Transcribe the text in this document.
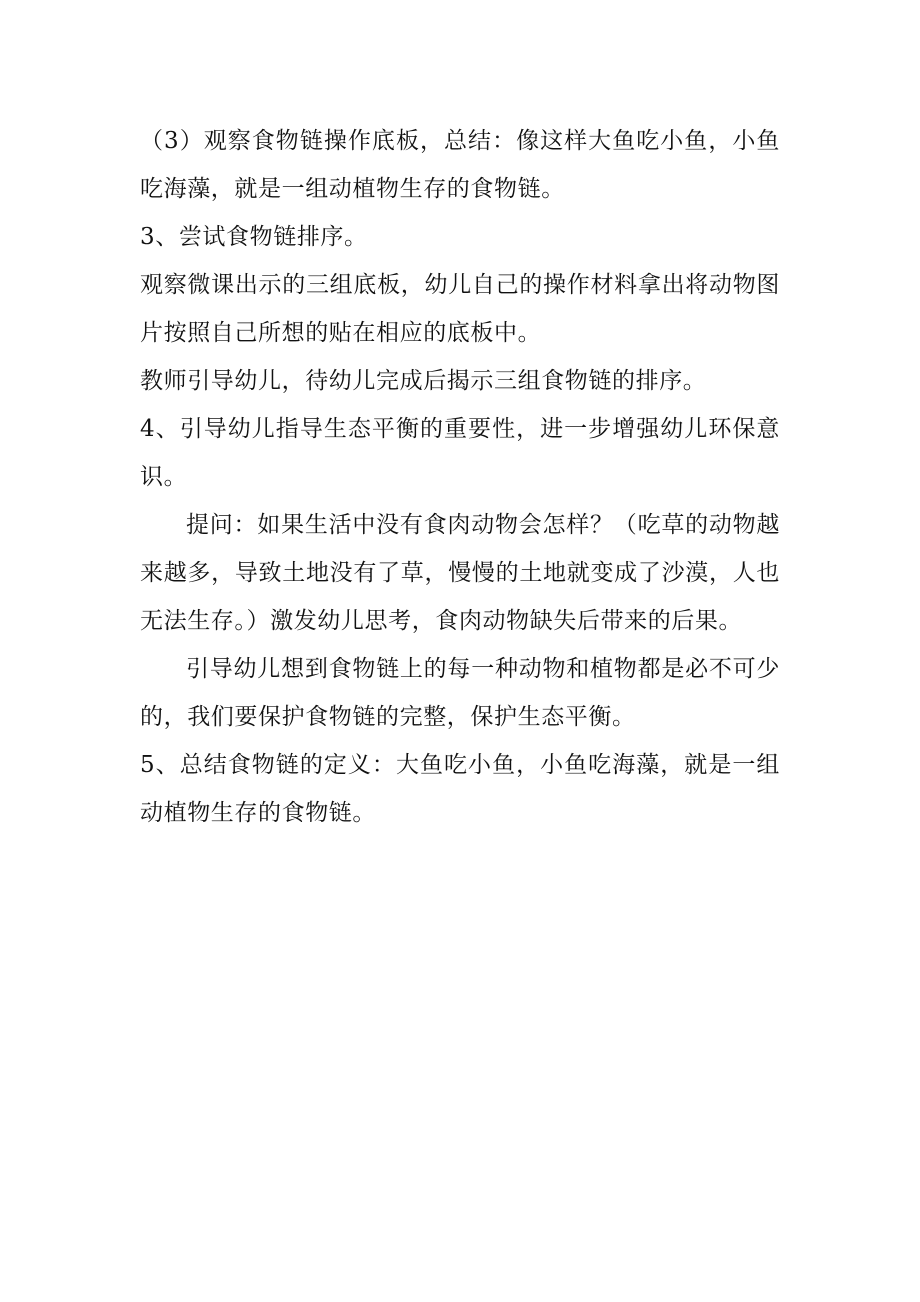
（3）观察食物链操作底板，总结：像这样大鱼吃小鱼，小鱼吃海藻，就是一组动植物生存的食物链。

3、尝试食物链排序。

观察微课出示的三组底板，幼儿自己的操作材料拿出将动物图片按照自己所想的贴在相应的底板中。

教师引导幼儿，待幼儿完成后揭示三组食物链的排序。

4、引导幼儿指导生态平衡的重要性，进一步增强幼儿环保意识。

提问：如果生活中没有食肉动物会怎样？（吃草的动物越来越多，导致土地没有了草，慢慢的土地就变成了沙漠，人也无法生存。）激发幼儿思考，食肉动物缺失后带来的后果。

引导幼儿想到食物链上的每一种动物和植物都是必不可少的，我们要保护食物链的完整，保护生态平衡。

5、总结食物链的定义：大鱼吃小鱼，小鱼吃海藻，就是一组动植物生存的食物链。
